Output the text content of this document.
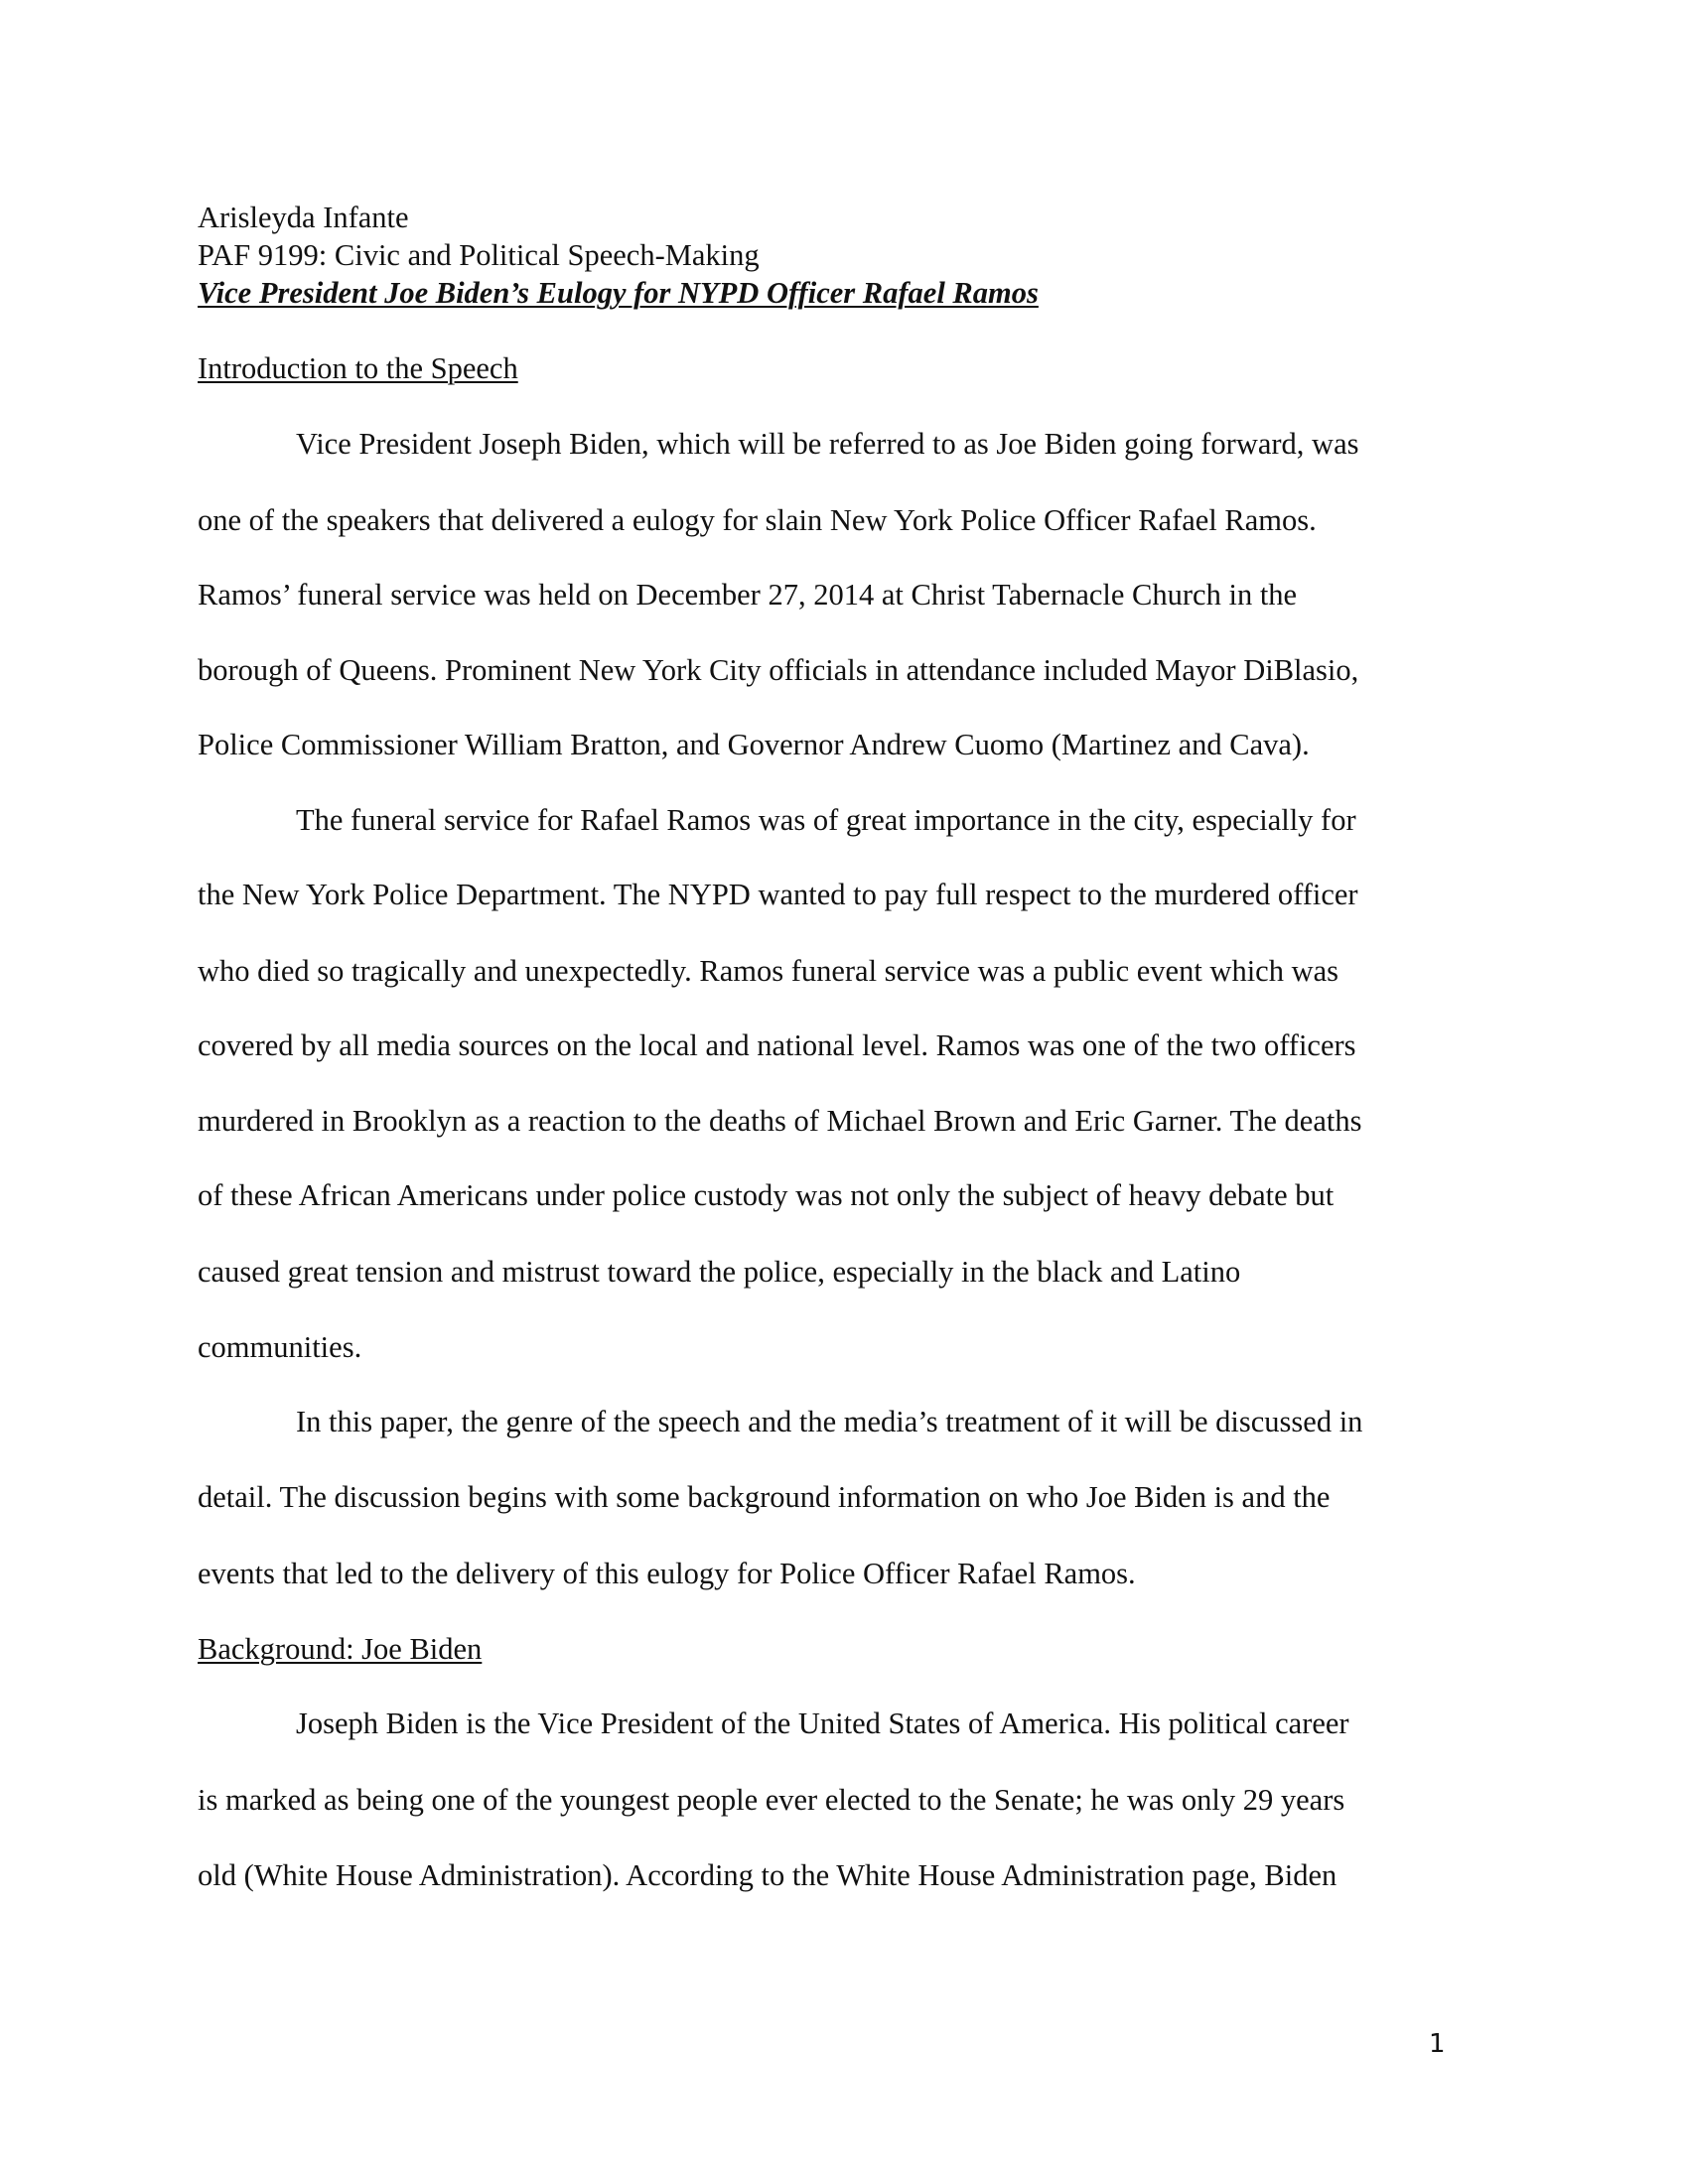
Arisleyda Infante
PAF 9199: Civic and Political Speech-Making
Vice President Joe Biden’s Eulogy for NYPD Officer Rafael Ramos
Introduction to the Speech
Vice President Joseph Biden, which will be referred to as Joe Biden going forward, was
one of the speakers that delivered a eulogy for slain New York Police Officer Rafael Ramos.
Ramos’ funeral service was held on December 27, 2014 at Christ Tabernacle Church in the
borough of Queens. Prominent New York City officials in attendance included Mayor DiBlasio,
Police Commissioner William Bratton, and Governor Andrew Cuomo (Martinez and Cava).
The funeral service for Rafael Ramos was of great importance in the city, especially for
the New York Police Department. The NYPD wanted to pay full respect to the murdered officer
who died so tragically and unexpectedly. Ramos funeral service was a public event which was
covered by all media sources on the local and national level. Ramos was one of the two officers
murdered in Brooklyn as a reaction to the deaths of Michael Brown and Eric Garner. The deaths
of these African Americans under police custody was not only the subject of heavy debate but
caused great tension and mistrust toward the police, especially in the black and Latino
communities.
In this paper, the genre of the speech and the media’s treatment of it will be discussed in
detail. The discussion begins with some background information on who Joe Biden is and the
events that led to the delivery of this eulogy for Police Officer Rafael Ramos.
Background: Joe Biden
Joseph Biden is the Vice President of the United States of America. His political career
is marked as being one of the youngest people ever elected to the Senate; he was only 29 years
old (White House Administration). According to the White House Administration page, Biden
1
